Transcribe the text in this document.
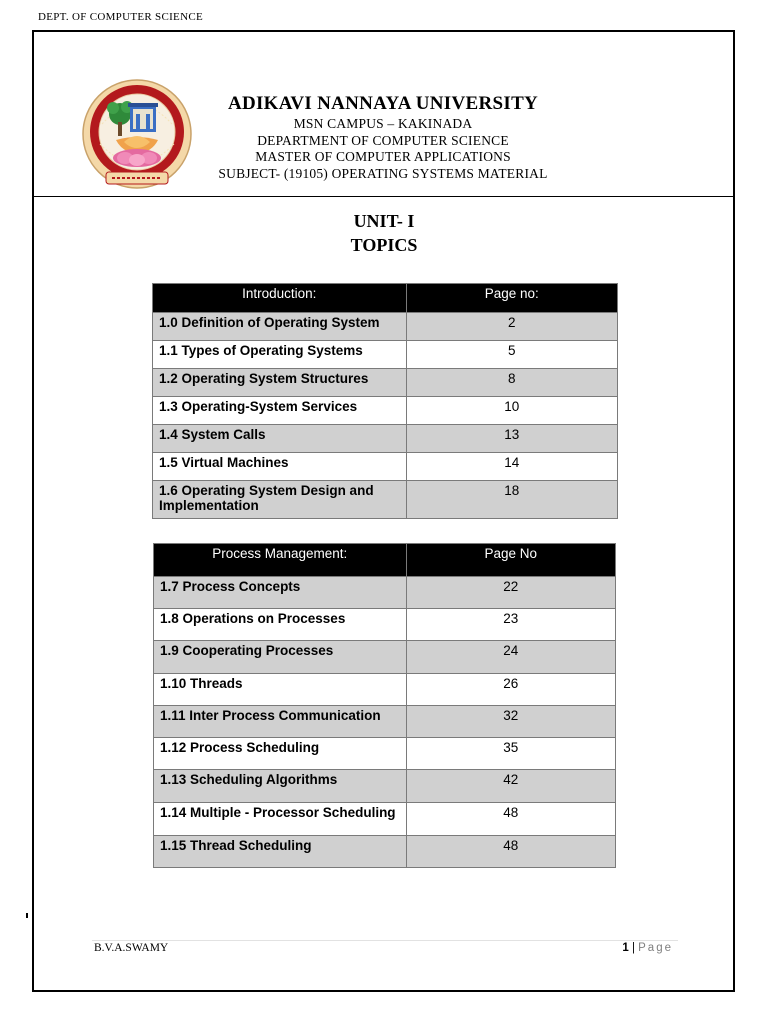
DEPT. OF COMPUTER SCIENCE
ADIKAVI NANNAYA UNIVERSITY
MSN CAMPUS – KAKINADA
DEPARTMENT OF COMPUTER SCIENCE
MASTER OF COMPUTER APPLICATIONS
SUBJECT- (19105) OPERATING SYSTEMS MATERIAL
UNIT- I
TOPICS
Introduction:	Page no:
1.0 Definition of Operating System	2
1.1 Types of Operating Systems	5
1.2 Operating System Structures	8
1.3 Operating-System Services	10
1.4 System Calls	13
1.5 Virtual Machines	14
1.6 Operating System Design and Implementation	18
Process Management:	Page No
1.7 Process Concepts	22
1.8 Operations on Processes	23
1.9 Cooperating Processes	24
1.10 Threads	26
1.11 Inter Process Communication	32
1.12 Process Scheduling	35
1.13 Scheduling Algorithms	42
1.14 Multiple - Processor Scheduling	48
1.15 Thread Scheduling	48
B.V.A.SWAMY	1 | Page
